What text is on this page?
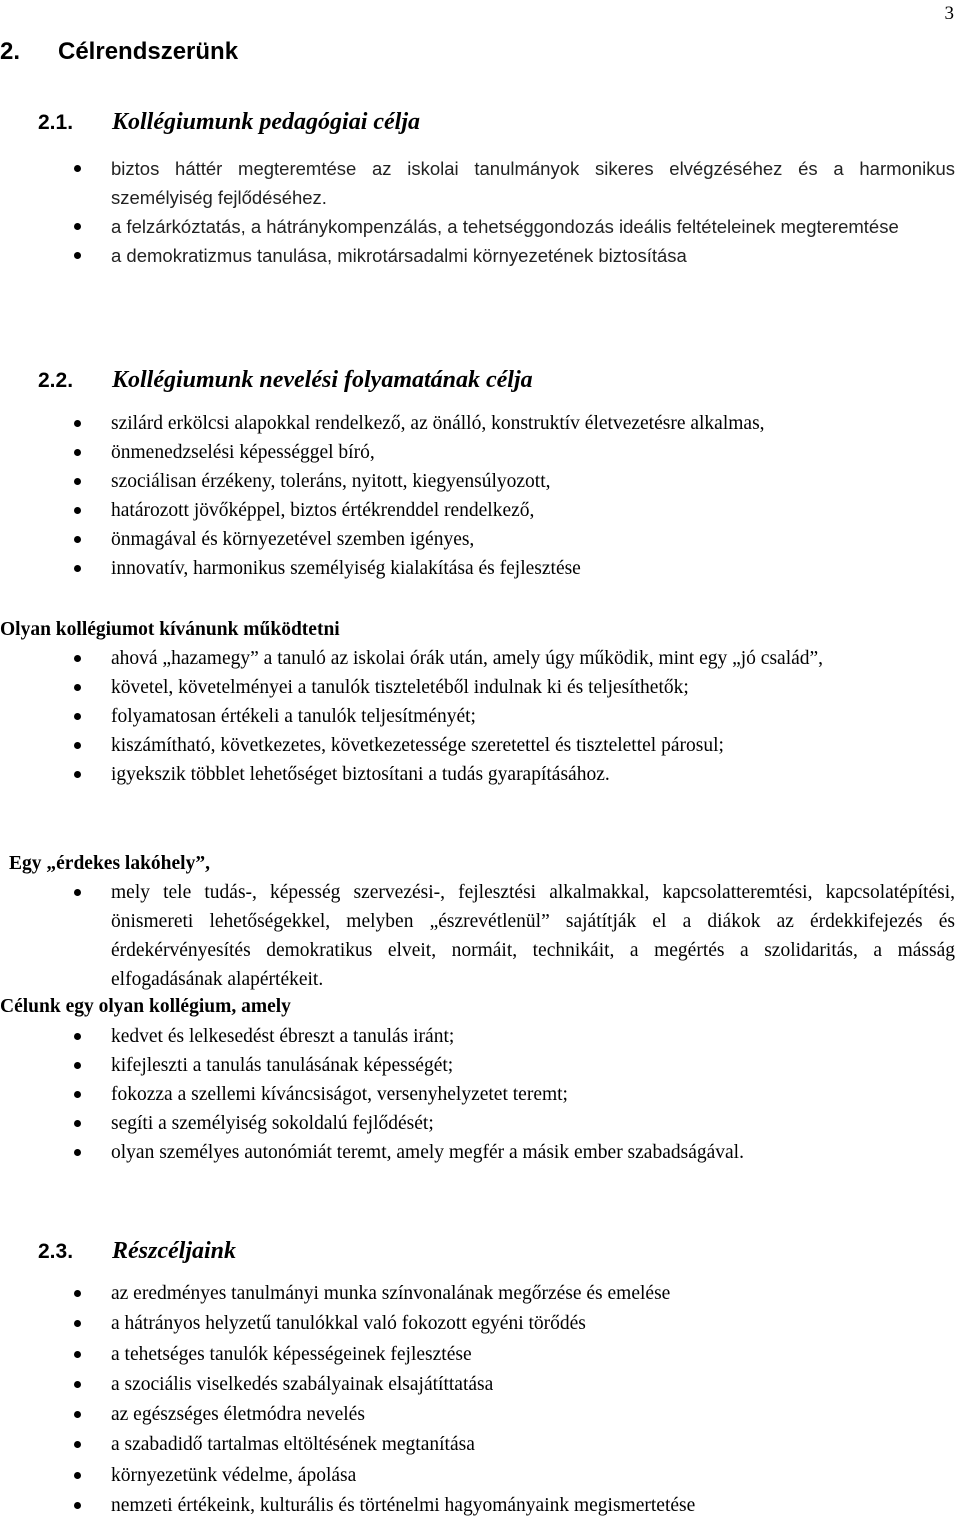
3
2. Célrendszerünk
2.1. Kollégiumunk pedagógiai célja
biztos háttér megteremtése az iskolai tanulmányok sikeres elvégzéséhez és a harmonikus személyiség fejlődéséhez.
a felzárkóztatás, a hátránykompenzálás, a tehetséggondozás ideális feltételeinek megteremtése
a demokratizmus tanulása, mikrotársadalmi környezetének biztosítása
2.2. Kollégiumunk nevelési folyamatának célja
szilárd erkölcsi alapokkal rendelkező, az önálló, konstruktív életvezetésre alkalmas,
önmenedzselési képességgel bíró,
szociálisan érzékeny, toleráns, nyitott, kiegyensúlyozott,
határozott jövőképpel, biztos értékrenddel rendelkező,
önmagával és környezetével szemben igényes,
innovatív, harmonikus személyiség kialakítása és fejlesztése
Olyan kollégiumot kívánunk működtetni
ahová „hazamegy” a tanuló az iskolai órák után, amely úgy működik, mint egy „jó család”,
követel, követelményei a tanulók tiszteletéből indulnak ki és teljesíthetők;
folyamatosan értékeli a tanulók teljesítményét;
kiszámítható, következetes, következetessége szeretettel és tisztelettel párosul;
igyekszik többlet lehetőséget biztosítani a tudás gyarapításához.
Egy „érdekes lakóhely”,
mely tele tudás-, képesség szervezési-, fejlesztési alkalmakkal, kapcsolatteremtési, kapcsolatépítési, önismereti lehetőségekkel, melyben „észrevétlenül” sajátítják el a diákok az érdekkifejezés és érdekérvényesítés demokratikus elveit, normáit, technikáit, a megértés a szolidaritás, a másság elfogadásának alapértékeit.
Célunk egy olyan kollégium, amely
kedvet és lelkesedést ébreszt a tanulás iránt;
kifejleszti a tanulás tanulásának képességét;
fokozza a szellemi kíváncsiságot, versenyhelyzetet teremt;
segíti a személyiség sokoldalú fejlődését;
olyan személyes autonómiát teremt, amely megfér a másik ember szabadságával.
2.3. Részcéljaink
az eredményes tanulmányi munka színvonalának megőrzése és emelése
a hátrányos helyzetű tanulókkal való fokozott egyéni törődés
a tehetséges tanulók képességeinek fejlesztése
a szociális viselkedés szabályainak elsajátíttatása
az egészséges életmódra nevelés
a szabadidő tartalmas eltöltésének megtanítása
környezetünk védelme, ápolása
nemzeti értékeink, kulturális és történelmi hagyományaink megismertetése
